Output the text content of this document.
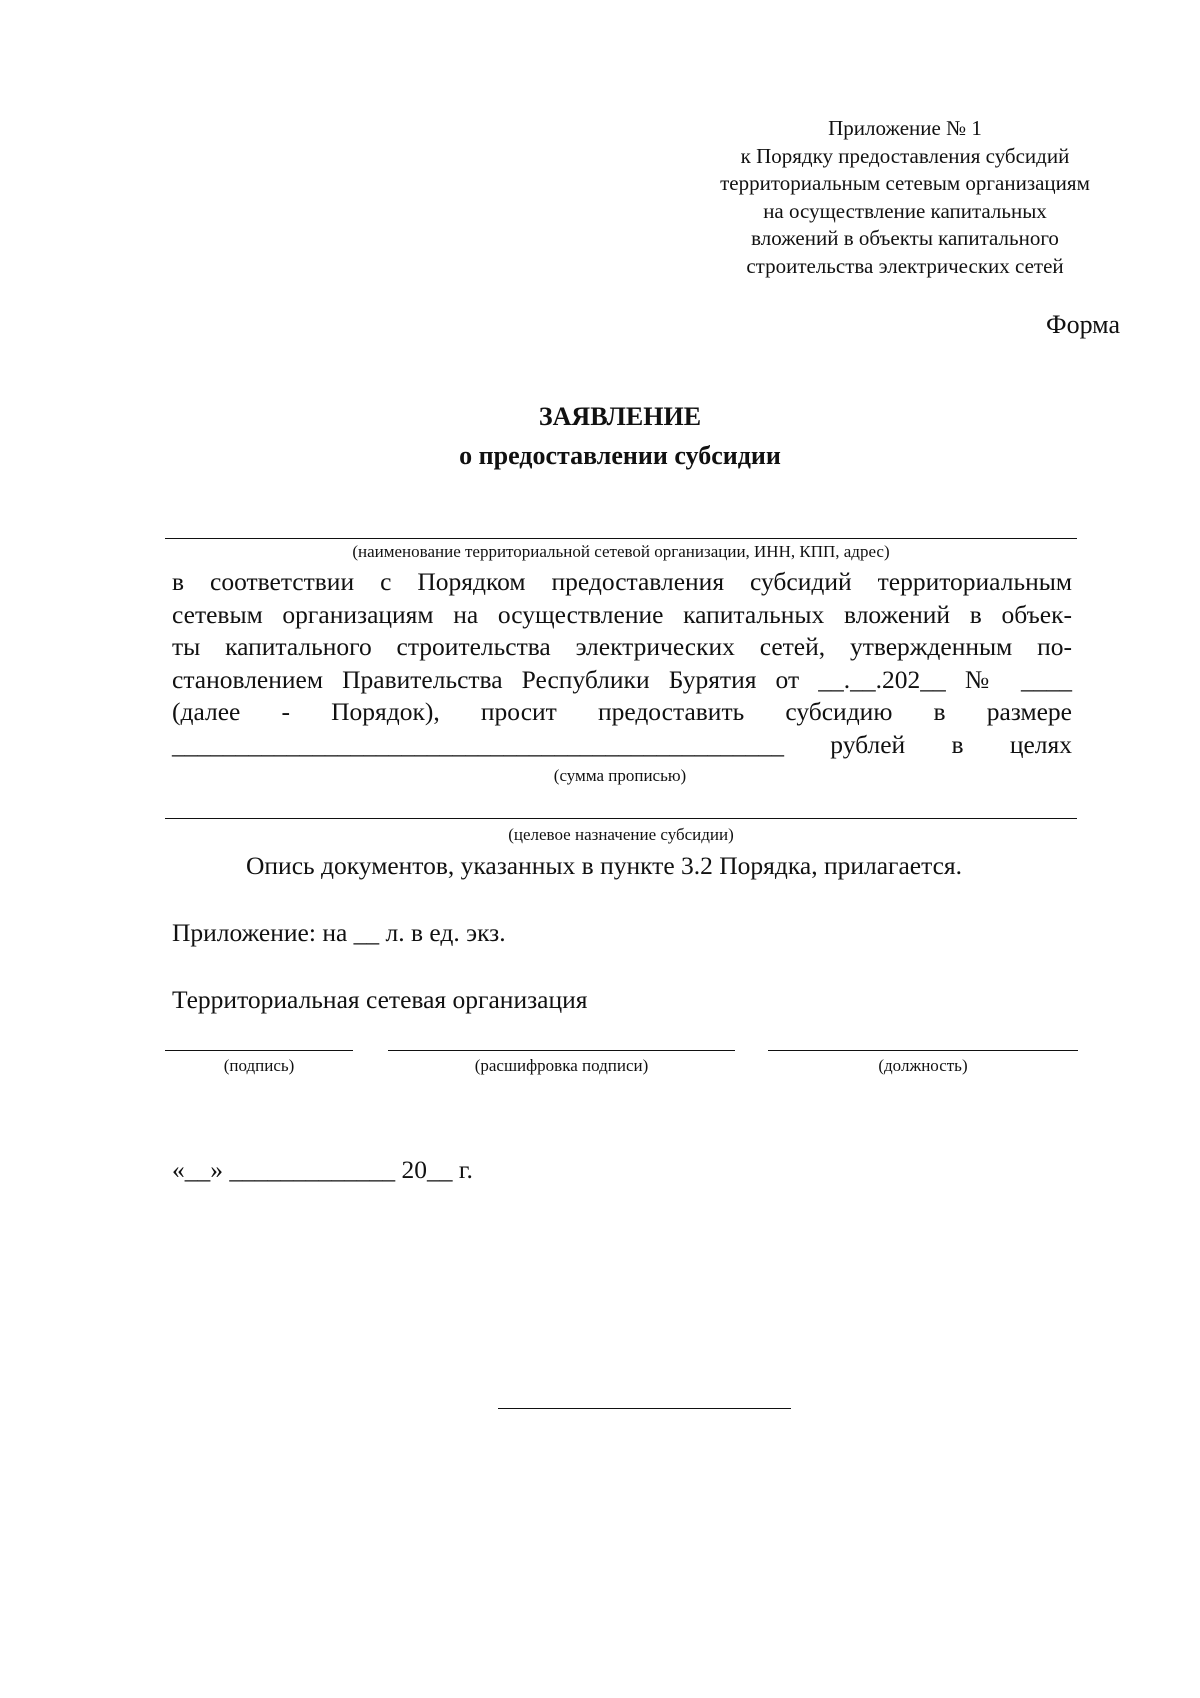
Приложение № 1
к Порядку предоставления субсидий
территориальным сетевым организациям
на осуществление капитальных
вложений в объекты капитального
строительства электрических сетей
Форма
ЗАЯВЛЕНИЕ
о предоставлении субсидии
(наименование территориальной сетевой организации, ИНН, КПП, адрес)
в соответствии с Порядком предоставления субсидий территориальным
сетевым организациям на осуществление капитальных вложений в объек-
ты капитального строительства электрических сетей, утвержденным по-
становлением Правительства Республики Бурятия от __.__.202__ № ____
(далее - Порядок), просит предоставить субсидию в размере
________________________________________________ рублей в целях
(сумма прописью)
(целевое назначение субсидии)
Опись документов, указанных в пункте 3.2 Порядка, прилагается.
Приложение: на __ л. в ед. экз.
Территориальная сетевая организация
(подпись)	(расшифровка подписи)	(должность)
«__» _____________ 20__ г.
